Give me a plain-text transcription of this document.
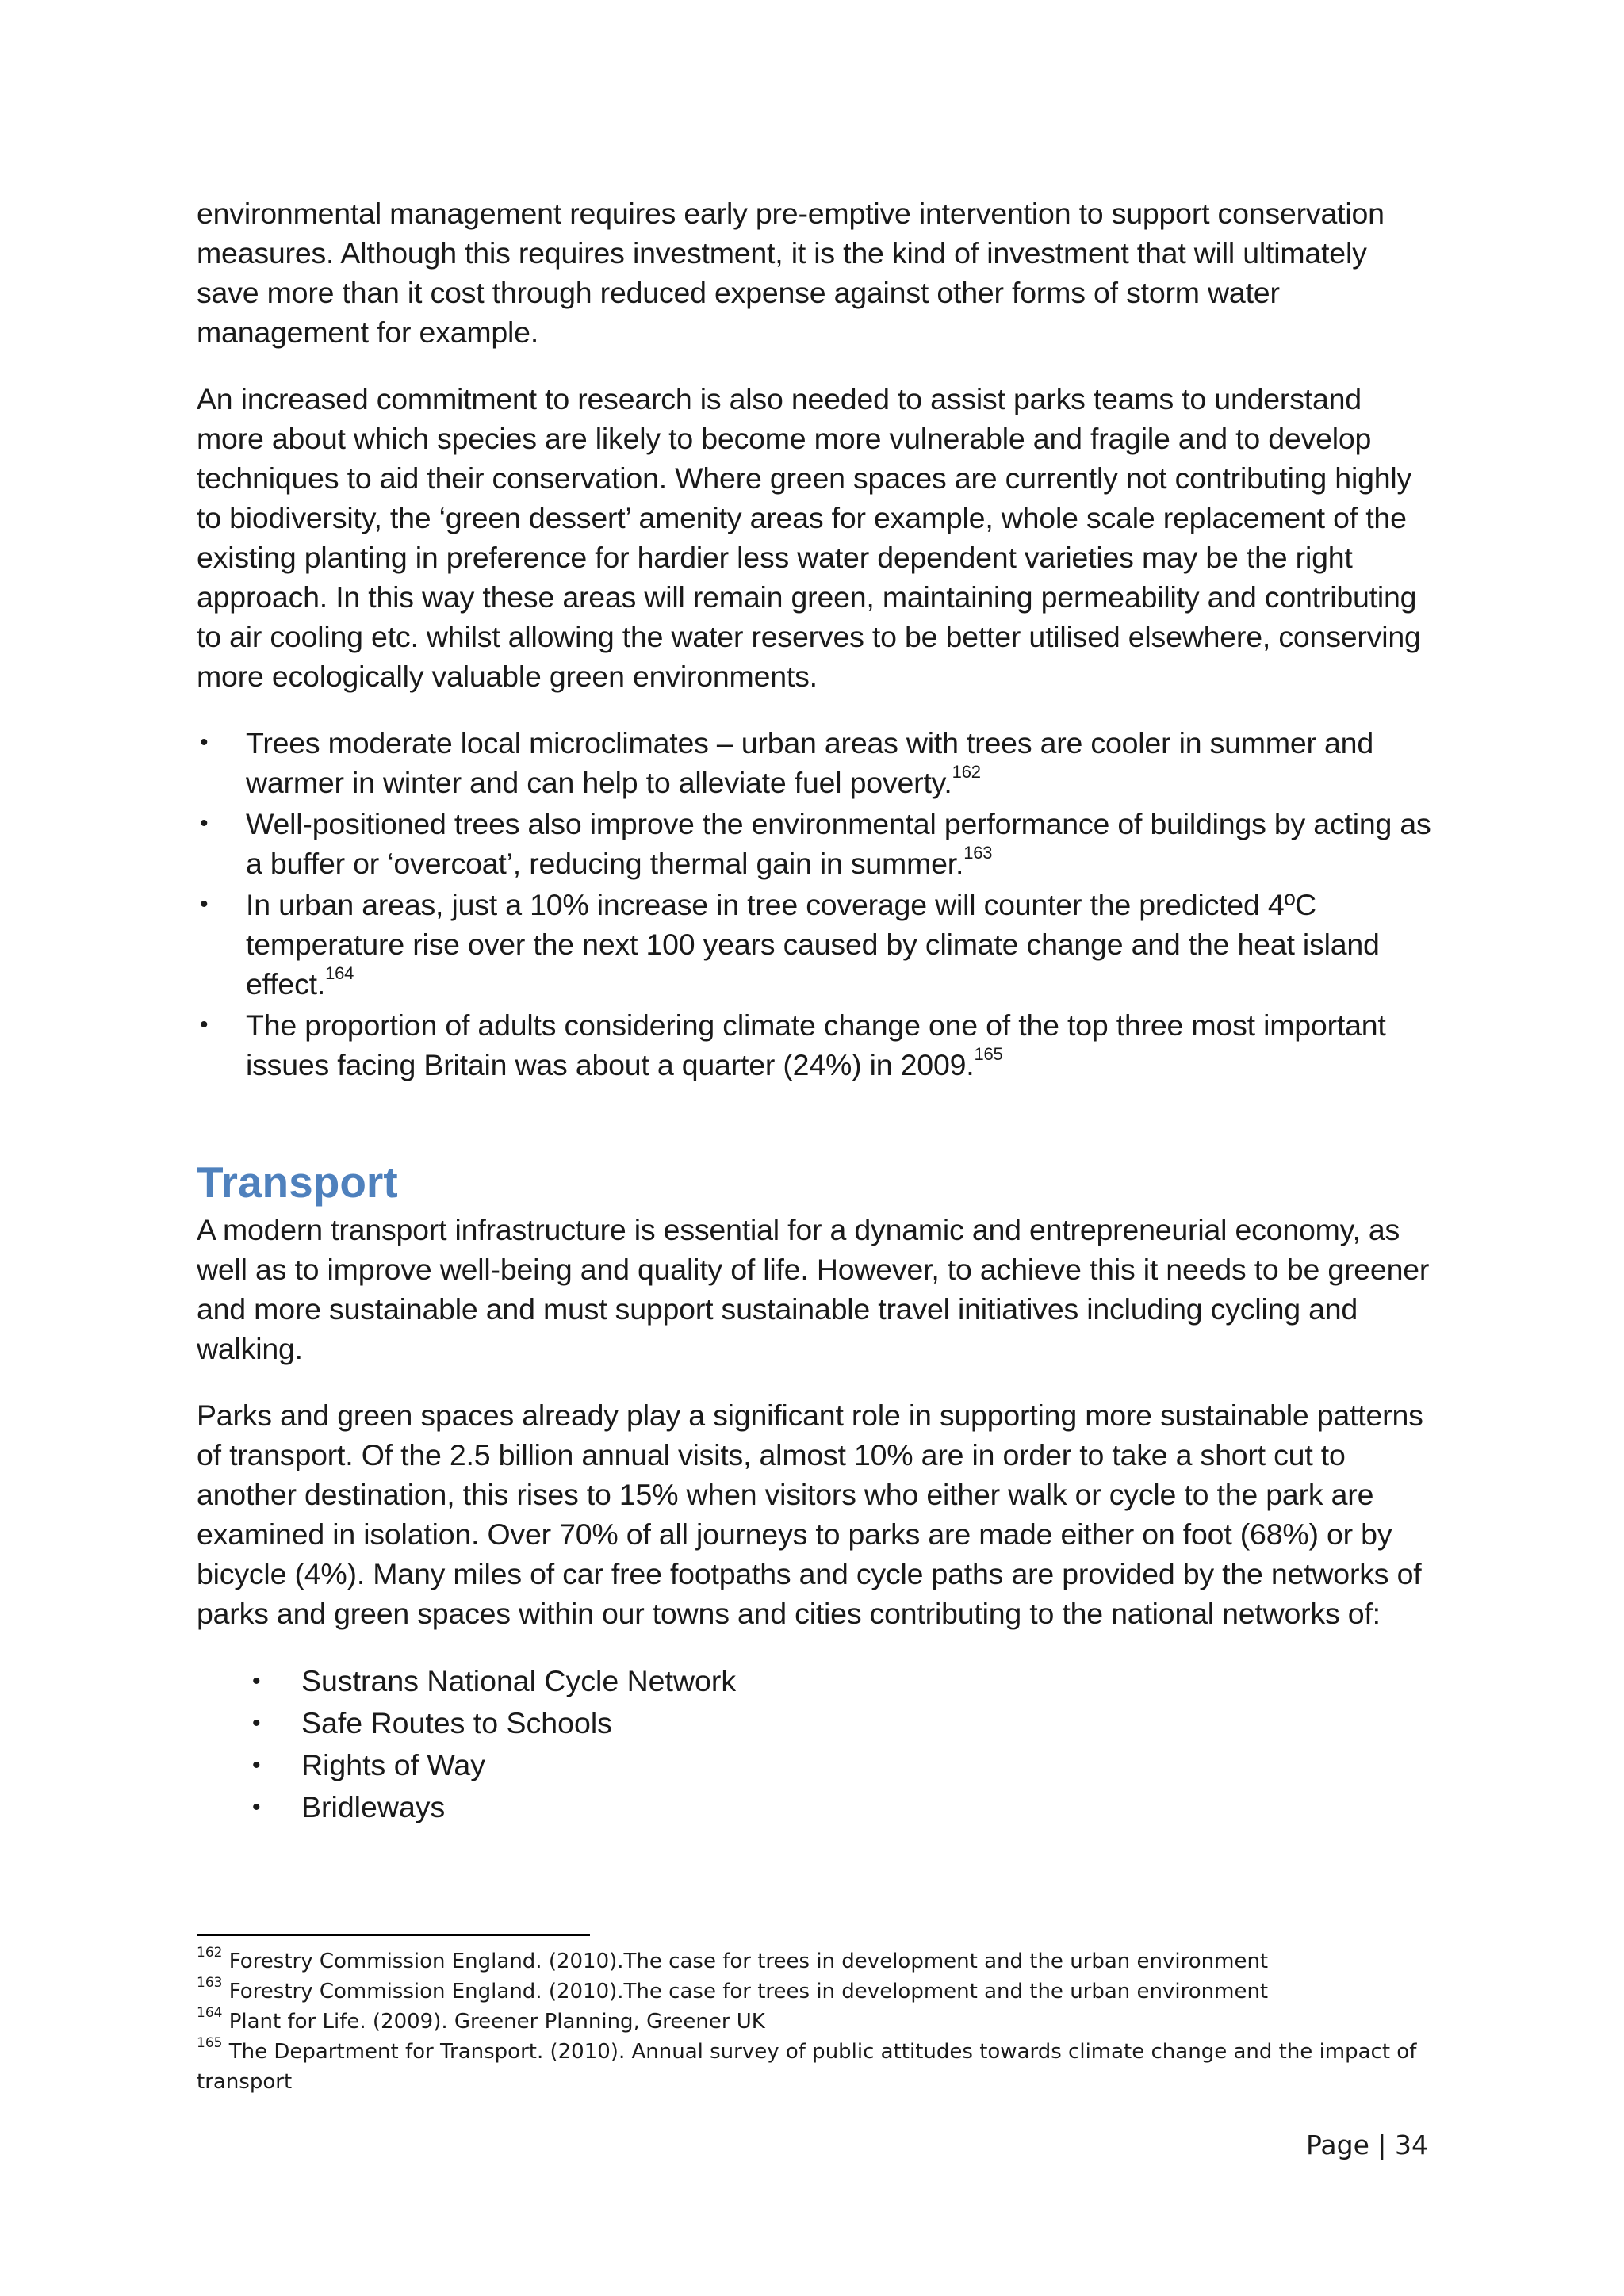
environmental management requires early pre-emptive intervention to support conservation measures. Although this requires investment, it is the kind of investment that will ultimately save more than it cost through reduced expense against other forms of storm water management for example.

An increased commitment to research is also needed to assist parks teams to understand more about which species are likely to become more vulnerable and fragile and to develop techniques to aid their conservation. Where green spaces are currently not contributing highly to biodiversity, the ‘green dessert’ amenity areas for example, whole scale replacement of the existing planting in preference for hardier less water dependent varieties may be the right approach. In this way these areas will remain green, maintaining permeability and contributing to air cooling etc. whilst allowing the water reserves to be better utilised elsewhere, conserving more ecologically valuable green environments.

• Trees moderate local microclimates – urban areas with trees are cooler in summer and warmer in winter and can help to alleviate fuel poverty.$^{162}$
• Well-positioned trees also improve the environmental performance of buildings by acting as a buffer or ‘overcoat’, reducing thermal gain in summer.$^{163}$
• In urban areas, just a 10% increase in tree coverage will counter the predicted 4ºC temperature rise over the next 100 years caused by climate change and the heat island effect.$^{164}$
• The proportion of adults considering climate change one of the top three most important issues facing Britain was about a quarter (24%) in 2009.$^{165}$
Transport

A modern transport infrastructure is essential for a dynamic and entrepreneurial economy, as well as to improve well-being and quality of life. However, to achieve this it needs to be greener and more sustainable and must support sustainable travel initiatives including cycling and walking.

Parks and green spaces already play a significant role in supporting more sustainable patterns of transport. Of the 2.5 billion annual visits, almost 10% are in order to take a short cut to another destination, this rises to 15% when visitors who either walk or cycle to the park are examined in isolation. Over 70% of all journeys to parks are made either on foot (68%) or by bicycle (4%). Many miles of car free footpaths and cycle paths are provided by the networks of parks and green spaces within our towns and cities contributing to the national networks of:

• Sustrans National Cycle Network
• Safe Routes to Schools
• Rights of Way
• Bridleways

$^{162}$ Forestry Commission England. (2010).The case for trees in development and the urban environment

$^{163}$ Forestry Commission England. (2010).The case for trees in development and the urban environment

$^{164}$ Plant for Life. (2009). Greener Planning, Greener UK

$^{165}$ The Department for Transport. (2010). Annual survey of public attitudes towards climate change and the impact of transport

Page | 34
